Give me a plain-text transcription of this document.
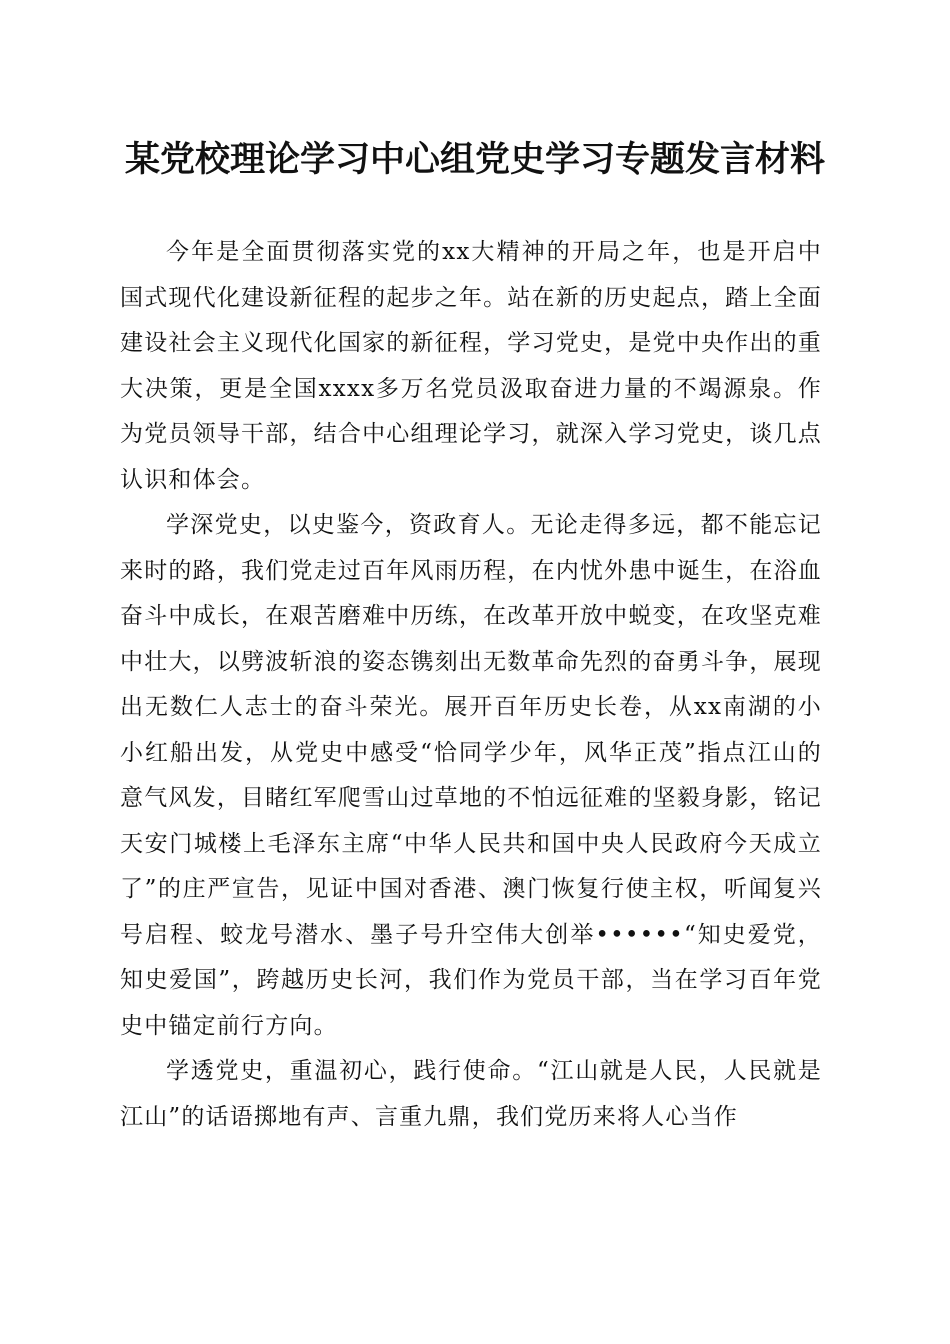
某党校理论学习中心组党史学习专题发言材料

今年是全面贯彻落实党的xx大精神的开局之年，也是开启中国式现代化建设新征程的起步之年。站在新的历史起点，踏上全面建设社会主义现代化国家的新征程，学习党史，是党中央作出的重大决策，更是全国xxxx多万名党员汲取奋进力量的不竭源泉。作为党员领导干部，结合中心组理论学习，就深入学习党史，谈几点认识和体会。

学深党史，以史鉴今，资政育人。无论走得多远，都不能忘记来时的路，我们党走过百年风雨历程，在内忧外患中诞生，在浴血奋斗中成长，在艰苦磨难中历练，在改革开放中蜕变，在攻坚克难中壮大，以劈波斩浪的姿态镌刻出无数革命先烈的奋勇斗争，展现出无数仁人志士的奋斗荣光。展开百年历史长卷，从xx南湖的小小红船出发，从党史中感受“恰同学少年，风华正茂”指点江山的意气风发，目睹红军爬雪山过草地的不怕远征难的坚毅身影，铭记天安门城楼上毛泽东主席“中华人民共和国中央人民政府今天成立了”的庄严宣告，见证中国对香港、澳门恢复行使主权，听闻复兴号启程、蛟龙号潜水、墨子号升空伟大创举••••••“知史爱党，知史爱国”，跨越历史长河，我们作为党员干部，当在学习百年党史中锚定前行方向。

学透党史，重温初心，践行使命。“江山就是人民，人民就是江山”的话语掷地有声、言重九鼎，我们党历来将人心当作
